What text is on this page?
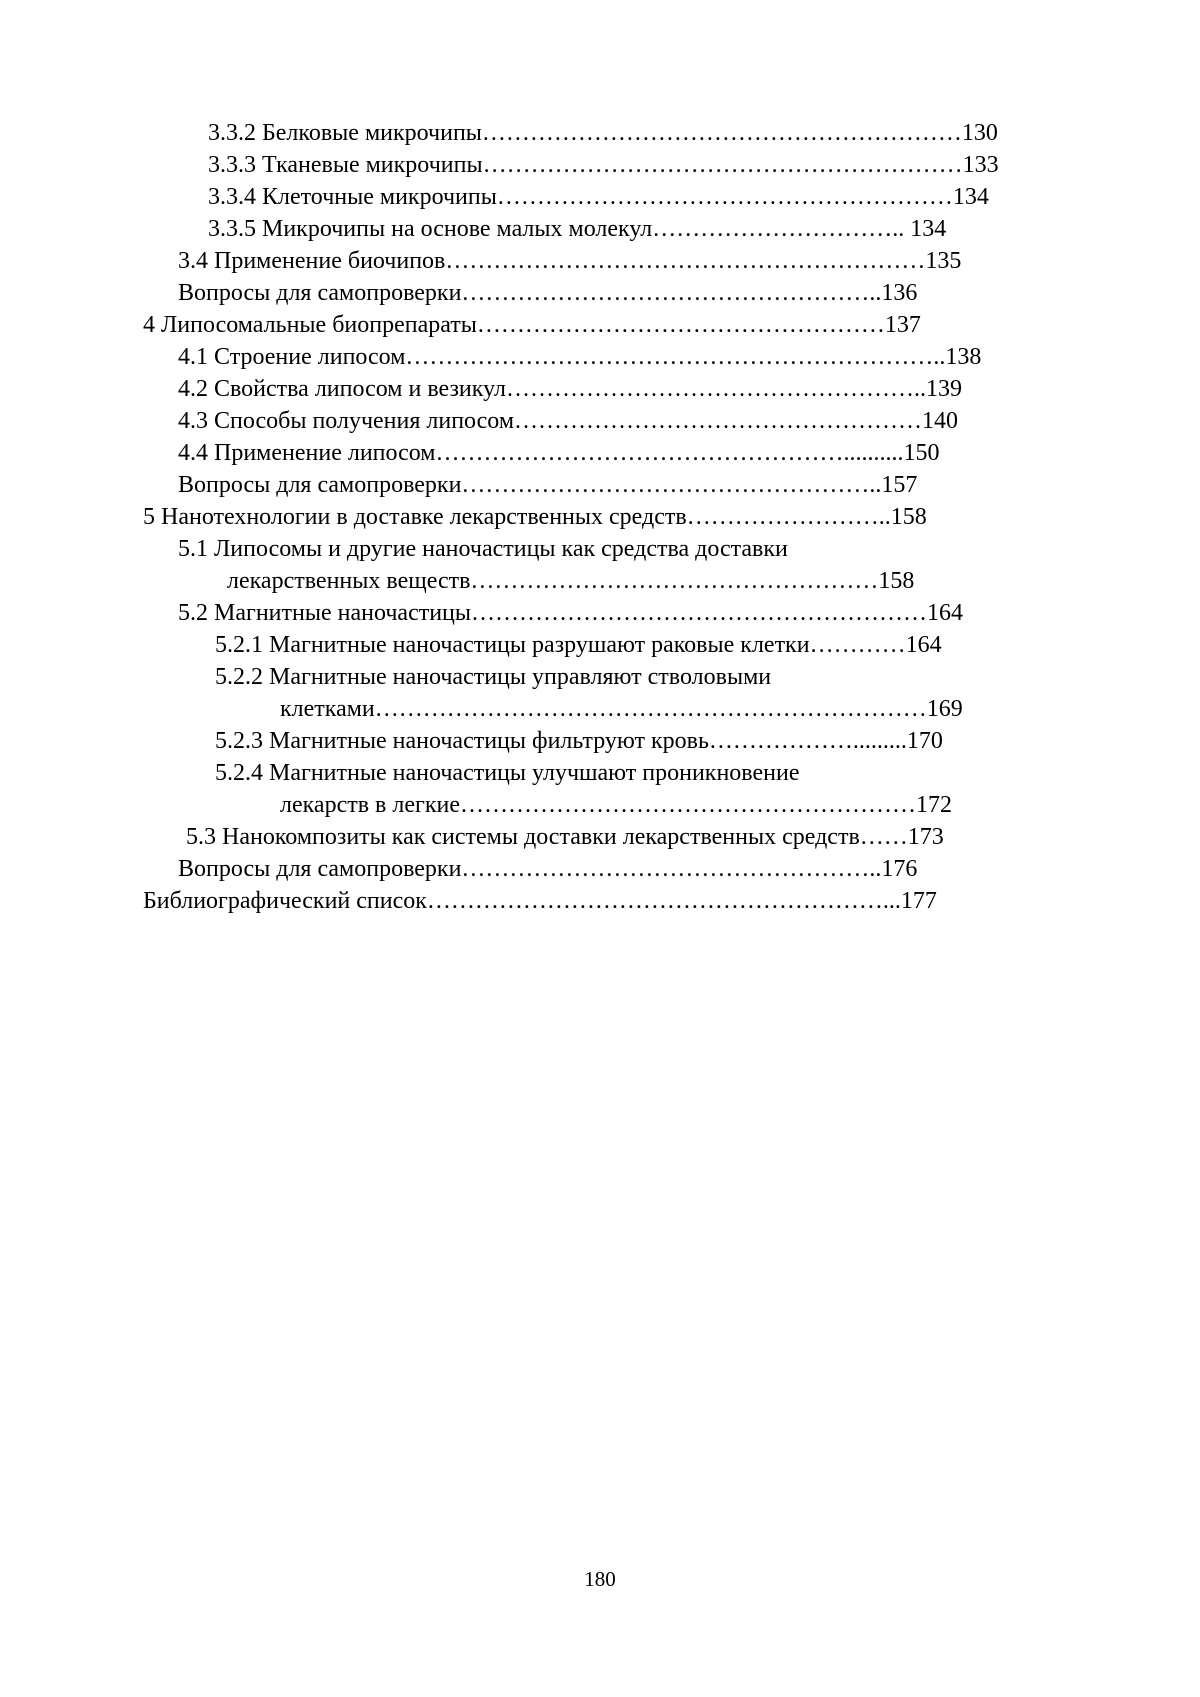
3.3.2 Белковые микрочипы……………………………………………………130

3.3.3 Тканевые микрочипы……………………………………………………133

3.3.4 Клеточные микрочипы…………………………………………………134

3.3.5 Микрочипы на основе малых молекул………………………….. 134

3.4 Применение биочипов……………………………………………………135

Вопросы для самопроверки……………………………………………..136

4 Липосомальные биопрепараты……………………………………………137

4.1 Строение липосом…………………………………………………………..138

4.2 Свойства липосом и везикул……………………………………………..139

4.3 Способы получения липосом……………………………………………140

4.4 Применение липосом……………………………………………..........150

Вопросы для самопроверки……………………………………………..157

5 Нанотехнологии в доставке лекарственных средств……………………..158

5.1 Липосомы и другие наночастицы как средства доставки

лекарственных веществ……………………………………………158

5.2 Магнитные наночастицы…………………………………………………164

5.2.1 Магнитные наночастицы разрушают раковые клетки…………164

5.2.2 Магнитные наночастицы управляют стволовыми

клетками……………………………………………………………169

5.2.3 Магнитные наночастицы фильтруют кровь……………….........170

5.2.4 Магнитные наночастицы улучшают проникновение

лекарств в легкие…………………………………………………172

5.3 Нанокомпозиты как системы доставки лекарственных средств……173

Вопросы для самопроверки……………………………………………..176

Библиографический список…………………………………………………...177

180
